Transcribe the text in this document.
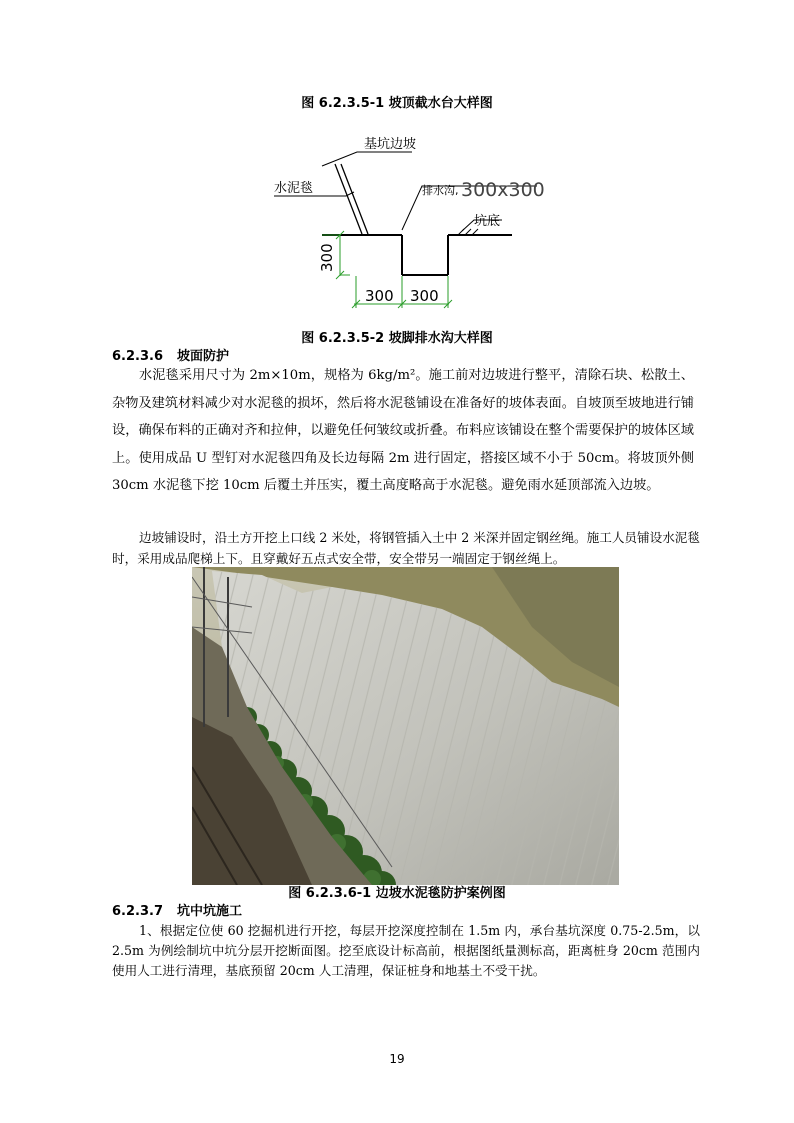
图 6.2.3.5-1 坡顶截水台大样图
基坑边坡
水泥毯	排水沟, 300x300
坑底
300
300 300
图 6.2.3.5-2 坡脚排水沟大样图
6.2.3.6 坡面防护

水泥毯采用尺寸为 2m×10m，规格为 6kg/m²。施工前对边坡进行整平，清除石块、松散土、杂物及建筑材料减少对水泥毯的损坏，然后将水泥毯铺设在准备好的坡体表面。自坡顶至坡地进行铺设，确保布料的正确对齐和拉伸，以避免任何皱纹或折叠。布料应该铺设在整个需要保护的坡体区域上。使用成品 U 型钉对水泥毯四角及长边每隔 2m 进行固定，搭接区域不小于 50cm。将坡顶外侧 30cm 水泥毯下挖 10cm 后覆土并压实，覆土高度略高于水泥毯。避免雨水延顶部流入边坡。

边坡铺设时，沿土方开挖上口线 2 米处，将钢管插入土中 2 米深并固定钢丝绳。施工人员铺设水泥毯时，采用成品爬梯上下。且穿戴好五点式安全带，安全带另一端固定于钢丝绳上。

图 6.2.3.6-1 边坡水泥毯防护案例图
6.2.3.7 坑中坑施工

1、根据定位使 60 挖掘机进行开挖，每层开挖深度控制在 1.5m 内，承台基坑深度 0.75-2.5m，以 2.5m 为例绘制坑中坑分层开挖断面图。挖至底设计标高前，根据图纸量测标高，距离桩身 20cm 范围内使用人工进行清理，基底预留 20cm 人工清理，保证桩身和地基土不受干扰。

19
